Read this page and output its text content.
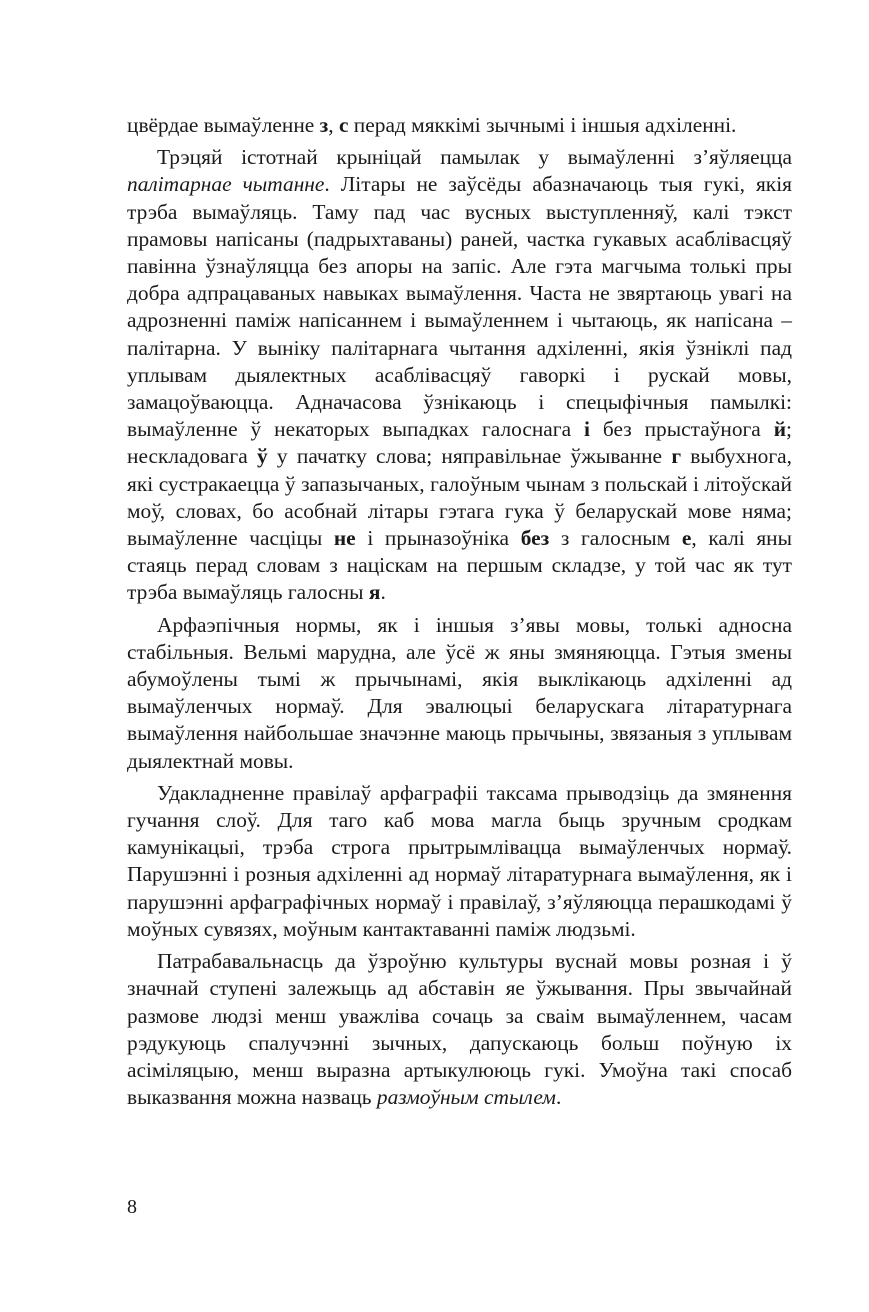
цвёрдае вымаўленне з, с перад мяккімі зычнымі і іншыя адхіленні.

Трэцяй істотнай крыніцай памылак у вымаўленні з’яўляецца палітарнае чытанне. Літары не заўсёды абазначаюць тыя гукі, якія трэба вымаўляць. Таму пад час вусных выступленняў, калі тэкст прамовы напісаны (падрыхтаваны) раней, частка гукавых асаблівасцяў павінна ўзнаўляцца без апоры на запіс. Але гэта магчыма толькі пры добра адпрацаваных навыках вымаўлення. Часта не звяртаюць увагі на адрозненні паміж напісаннем і вымаўленнем і чытаюць, як напісана – палітарна. У выніку палітарнага чытання адхіленні, якія ўзніклі пад уплывам дыялектных асаблівасцяў гаворкі і рускай мовы, замацоўваюцца. Адначасова ўзнікаюць і спецыфічныя памылкі: вымаўленне ў некаторых выпадках галоснага і без прыстаўнога й; нескладовага ў у пачатку слова; няправільнае ўжыванне г выбухнога, які сустракаецца ў запазычаных, галоўным чынам з польскай і літоўскай моў, словах, бо асобнай літары гэтага гука ў беларускай мове няма; вымаўленне часціцы не і прыназоўніка без з галосным е, калі яны стаяць перад словам з націскам на першым складзе, у той час як тут трэба вымаўляць галосны я.

Арфаэпічныя нормы, як і іншыя з’явы мовы, толькі адносна стабільныя. Вельмі марудна, але ўсё ж яны змяняюцца. Гэтыя змены абумоўлены тымі ж прычынамі, якія выклікаюць адхіленні ад вымаўленчых нормаў. Для эвалюцыі беларускага літаратурнага вымаўлення найбольшае значэнне маюць прычыны, звязаныя з уплывам дыялектнай мовы.

Удакладненне правілаў арфаграфіі таксама прыводзіць да змянення гучання слоў. Для таго каб мова магла быць зручным сродкам камунікацыі, трэба строга прытрымлівацца вымаўленчых нормаў. Парушэнні і розныя адхіленні ад нормаў літаратурнага вымаўлення, як і парушэнні арфаграфічных нормаў і правілаў, з’яўляюцца перашкодамі ў моўных сувязях, моўным кантактаванні паміж людзьмі.

Патрабавальнасць да ўзроўню культуры вуснай мовы розная і ў значнай ступені залежыць ад абставін яе ўжывання. Пры звычайнай размове людзі менш уважліва сочаць за сваім вымаўленнем, часам рэдукуюць спалучэнні зычных, дапускаюць больш поўную іх асіміляцыю, менш выразна артыкулююць гукі. Умоўна такі спосаб выказвання можна назваць размоўным стылем.

8
